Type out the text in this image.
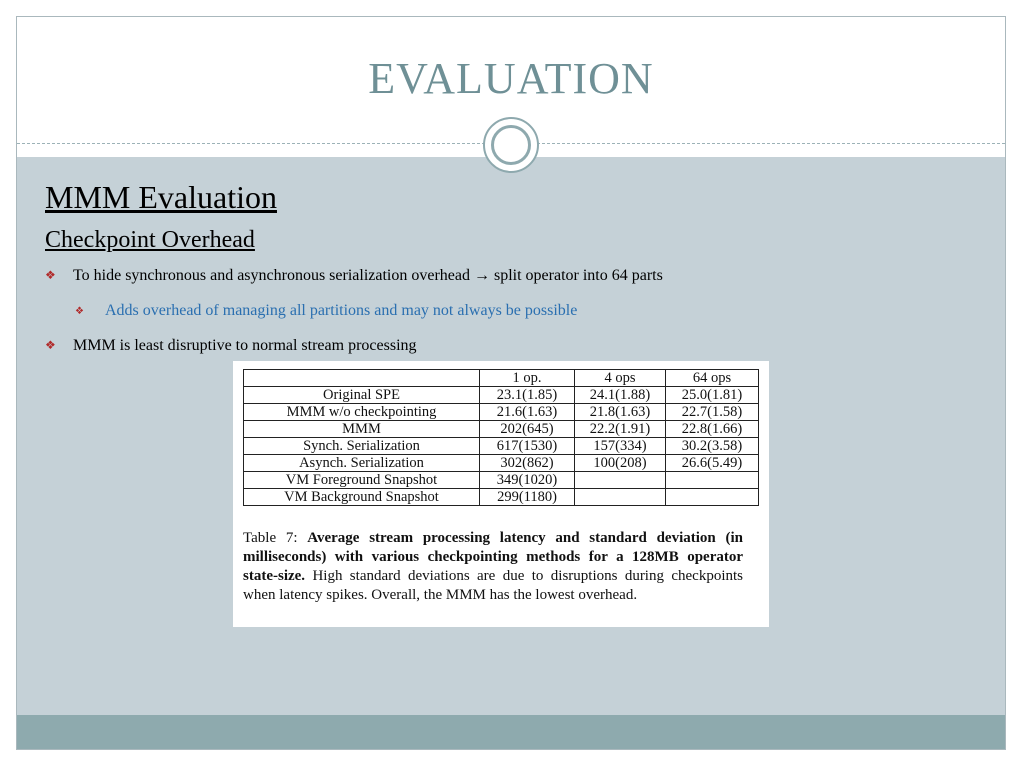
EVALUATION
MMM Evaluation
Checkpoint Overhead
❖ To hide synchronous and asynchronous serialization overhead → split operator into 64 parts
❖ Adds overhead of managing all partitions and may not always be possible
❖ MMM is least disruptive to normal stream processing
	1 op.	4 ops	64 ops
Original SPE	23.1(1.85)	24.1(1.88)	25.0(1.81)
MMM w/o checkpointing	21.6(1.63)	21.8(1.63)	22.7(1.58)
MMM	202(645)	22.2(1.91)	22.8(1.66)
Synch. Serialization	617(1530)	157(334)	30.2(3.58)
Asynch. Serialization	302(862)	100(208)	26.6(5.49)
VM Foreground Snapshot	349(1020)		
VM Background Snapshot	299(1180)		
Table 7: Average stream processing latency and standard deviation (in milliseconds) with various checkpointing methods for a 128MB operator state-size. High standard deviations are due to disruptions during checkpoints when latency spikes. Overall, the MMM has the lowest overhead.
